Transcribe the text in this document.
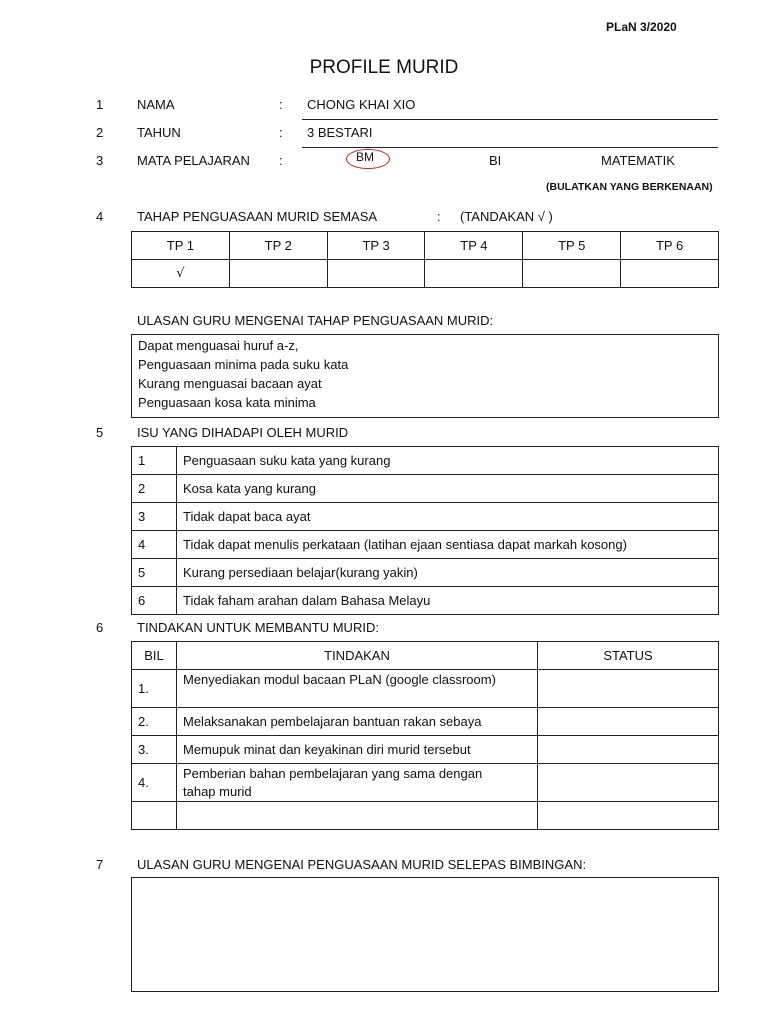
PLaN 3/2020
PROFILE MURID
1	NAMA	: CHONG KHAI XIO
2	TAHUN	: 3 BESTARI
3	MATA PELAJARAN :	BM	BI	MATEMATIK
(BULATKAN YANG BERKENAAN)
4	TAHAP PENGUASAAN MURID SEMASA	: (TANDAKAN √ )
TP 1	TP 2	TP 3	TP 4	TP 5	TP 6
√					
ULASAN GURU MENGENAI TAHAP PENGUASAAN MURID:
Dapat menguasai huruf a-z,
Penguasaan minima pada suku kata
Kurang menguasai bacaan ayat
Penguasaan kosa kata minima
5	ISU YANG DIHADAPI OLEH MURID
1	Penguasaan suku kata yang kurang
2	Kosa kata yang kurang
3	Tidak dapat baca ayat
4	Tidak dapat menulis perkataan (latihan ejaan sentiasa dapat markah kosong)
5	Kurang persediaan belajar(kurang yakin)
6	Tidak faham arahan dalam Bahasa Melayu
6	TINDAKAN UNTUK MEMBANTU MURID:
BIL	TINDAKAN	STATUS
1.	Menyediakan modul bacaan PLaN (google classroom)	
2.	Melaksanakan pembelajaran bantuan rakan sebaya	
3.	Memupuk minat dan keyakinan diri murid tersebut	
4.	Pemberian bahan pembelajaran yang sama dengan
tahap murid	

7	ULASAN GURU MENGENAI PENGUASAAN MURID SELEPAS BIMBINGAN:
